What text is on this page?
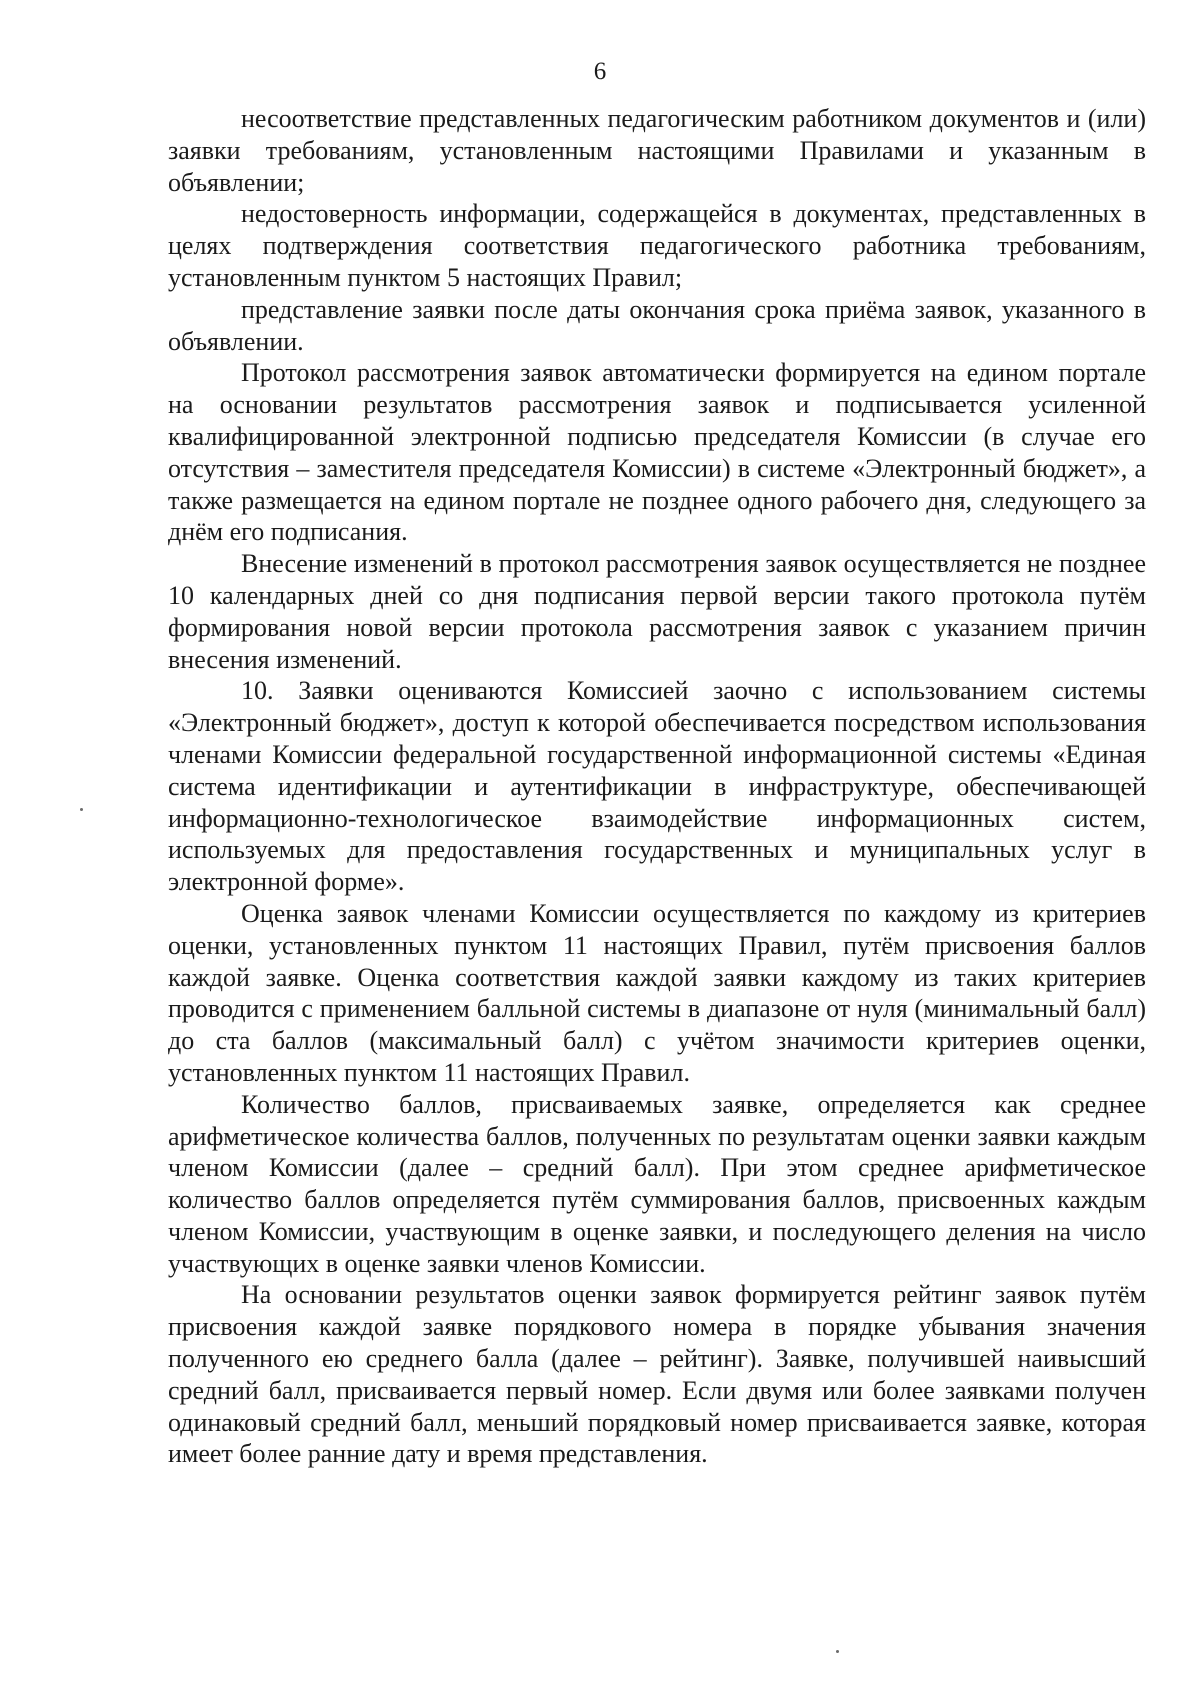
6

несоответствие представленных педагогическим работником документов и (или) заявки требованиям, установленным настоящими Правилами и указанным в объявлении;

недостоверность информации, содержащейся в документах, представленных в целях подтверждения соответствия педагогического работника требованиям, установленным пунктом 5 настоящих Правил;

представление заявки после даты окончания срока приёма заявок, указанного в объявлении.

Протокол рассмотрения заявок автоматически формируется на едином портале на основании результатов рассмотрения заявок и подписывается усиленной квалифицированной электронной подписью председателя Комиссии (в случае его отсутствия – заместителя председателя Комиссии) в системе «Электронный бюджет», а также размещается на едином портале не позднее одного рабочего дня, следующего за днём его подписания.

Внесение изменений в протокол рассмотрения заявок осуществляется не позднее 10 календарных дней со дня подписания первой версии такого протокола путём формирования новой версии протокола рассмотрения заявок с указанием причин внесения изменений.

10. Заявки оцениваются Комиссией заочно с использованием системы «Электронный бюджет», доступ к которой обеспечивается посредством использования членами Комиссии федеральной государственной информационной системы «Единая система идентификации и аутентификации в инфраструктуре, обеспечивающей информационно-технологическое взаимодействие информационных систем, используемых для предоставления государственных и муниципальных услуг в электронной форме».

Оценка заявок членами Комиссии осуществляется по каждому из критериев оценки, установленных пунктом 11 настоящих Правил, путём присвоения баллов каждой заявке. Оценка соответствия каждой заявки каждому из таких критериев проводится с применением балльной системы в диапазоне от нуля (минимальный балл) до ста баллов (максимальный балл) с учётом значимости критериев оценки, установленных пунктом 11 настоящих Правил.

Количество баллов, присваиваемых заявке, определяется как среднее арифметическое количества баллов, полученных по результатам оценки заявки каждым членом Комиссии (далее – средний балл). При этом среднее арифметическое количество баллов определяется путём суммирования баллов, присвоенных каждым членом Комиссии, участвующим в оценке заявки, и последующего деления на число участвующих в оценке заявки членов Комиссии.

На основании результатов оценки заявок формируется рейтинг заявок путём присвоения каждой заявке порядкового номера в порядке убывания значения полученного ею среднего балла (далее – рейтинг). Заявке, получившей наивысший средний балл, присваивается первый номер. Если двумя или более заявками получен одинаковый средний балл, меньший порядковый номер присваивается заявке, которая имеет более ранние дату и время представления.
